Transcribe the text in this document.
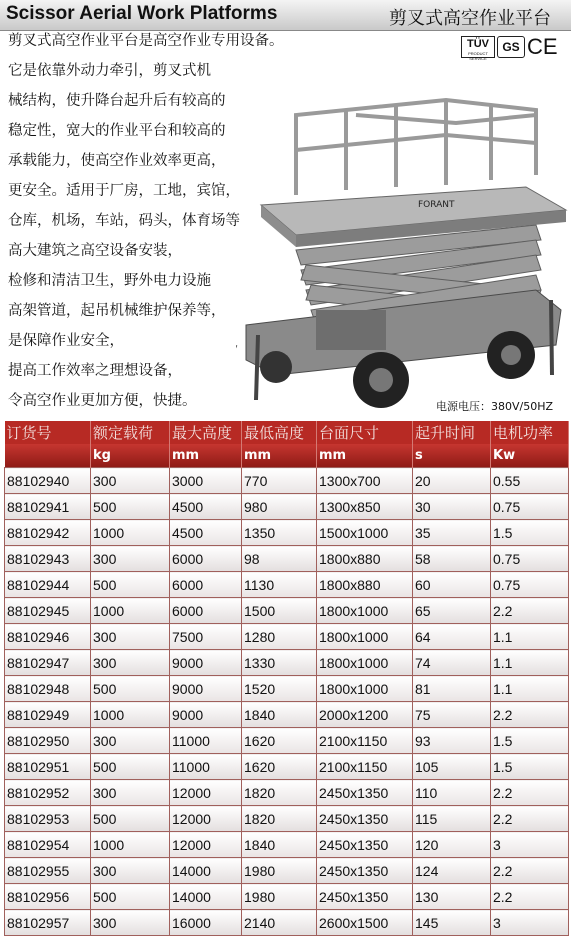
Scissor Aerial Work Platforms	剪叉式高空作业平台
剪叉式高空作业平台是高空作业专用设备。
它是依靠外动力牵引，剪叉式机
械结构，使升降台起升后有较高的
稳定性，宽大的作业平台和较高的
承载能力，使高空作业效率更高，
更安全。适用于厂房，工地，宾馆，
仓库，机场，车站，码头，体育场等
高大建筑之高空设备安装，
检修和清洁卫生，野外电力设施
高架管道，起吊机械维护保养等，
是保障作业安全，
提高工作效率之理想设备，
令高空作业更加方便，快捷。
TÜV
PRODUCT SERVICE
GS CE
FORANT
电源电压：380V/50HZ
订货号	额定载荷	最大高度	最低高度	台面尺寸	起升时间	电机功率
	kg	mm	mm	mm	s	Kw
88102940	300	3000	770	1300x700	20	0.55
88102941	500	4500	980	1300x850	30	0.75
88102942	1000	4500	1350	1500x1000	35	1.5
88102943	300	6000	98	1800x880	58	0.75
88102944	500	6000	1130	1800x880	60	0.75
88102945	1000	6000	1500	1800x1000	65	2.2
88102946	300	7500	1280	1800x1000	64	1.1
88102947	300	9000	1330	1800x1000	74	1.1
88102948	500	9000	1520	1800x1000	81	1.1
88102949	1000	9000	1840	2000x1200	75	2.2
88102950	300	11000	1620	2100x1150	93	1.5
88102951	500	11000	1620	2100x1150	105	1.5
88102952	300	12000	1820	2450x1350	110	2.2
88102953	500	12000	1820	2450x1350	115	2.2
88102954	1000	12000	1840	2450x1350	120	3
88102955	300	14000	1980	2450x1350	124	2.2
88102956	500	14000	1980	2450x1350	130	2.2
88102957	300	16000	2140	2600x1500	145	3
